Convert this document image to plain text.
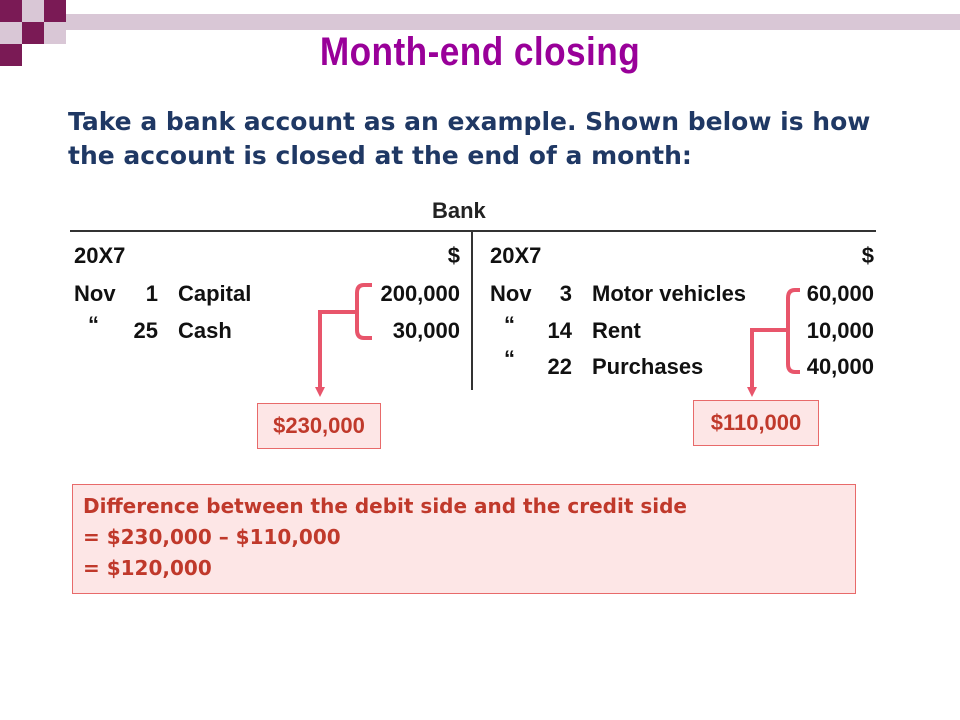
Month-end closing
Take a bank account as an example. Shown below is how the account is closed at the end of a month:
Bank
20X7	$
Nov	1 Capital	200,000
“	25 Cash	30,000
20X7	$
Nov	3 Motor vehicles	60,000
“	14 Rent	10,000
“	22 Purchases	40,000
$230,000	$110,000
Difference between the debit side and the credit side
= $230,000 – $110,000
= $120,000
